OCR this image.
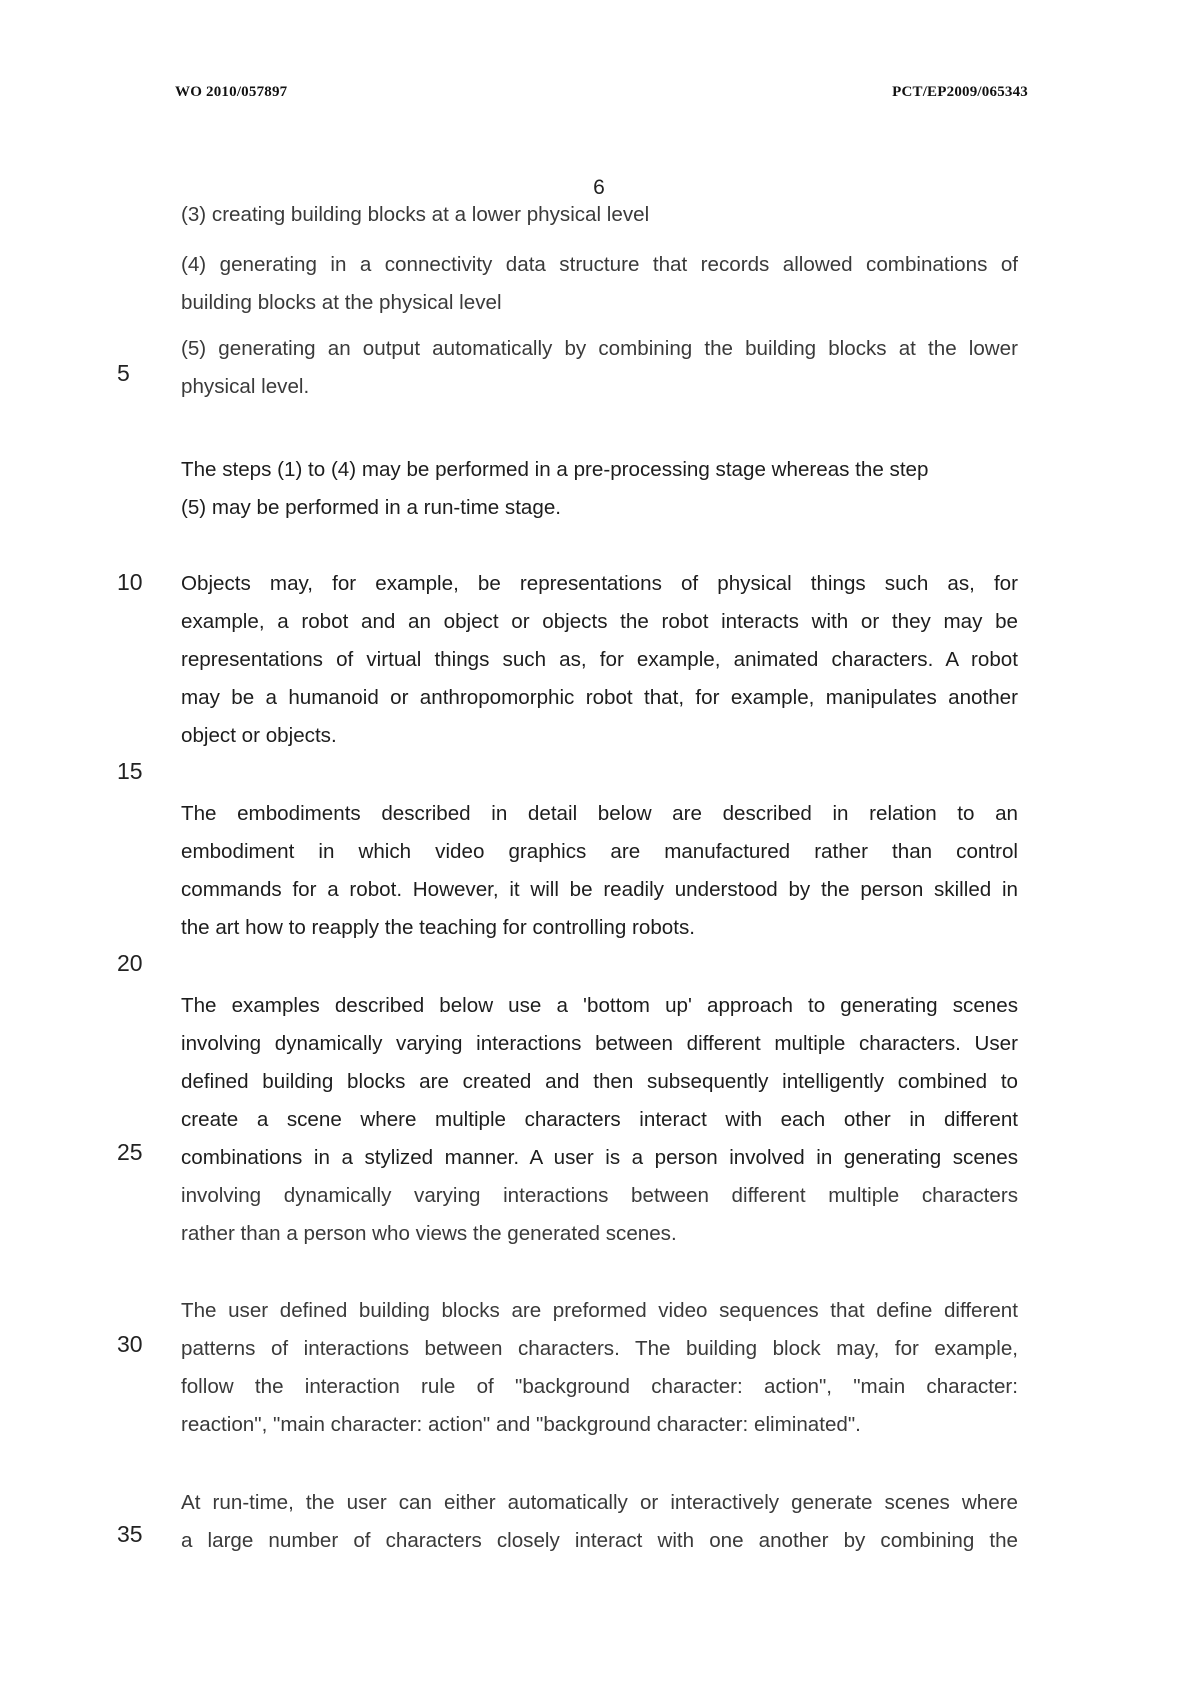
WO 2010/057897	PCT/EP2009/065343
6
5
10
15
20
25
30
35
(3) creating building blocks at a lower physical level
(4) generating in a connectivity data structure that records allowed combinations of
building blocks at the physical level
(5) generating an output automatically by combining the building blocks at the lower
physical level.
The steps (1) to (4) may be performed in a pre-processing stage whereas the step
(5) may be performed in a run-time stage.
Objects may, for example, be representations of physical things such as, for
example, a robot and an object or objects the robot interacts with or they may be
representations of virtual things such as, for example, animated characters. A robot
may be a humanoid or anthropomorphic robot that, for example, manipulates another
object or objects.
The embodiments described in detail below are described in relation to an
embodiment in which video graphics are manufactured rather than control
commands for a robot. However, it will be readily understood by the person skilled in
the art how to reapply the teaching for controlling robots.
The examples described below use a 'bottom up' approach to generating scenes
involving dynamically varying interactions between different multiple characters. User
defined building blocks are created and then subsequently intelligently combined to
create a scene where multiple characters interact with each other in different
combinations in a stylized manner. A user is a person involved in generating scenes
involving dynamically varying interactions between different multiple characters
rather than a person who views the generated scenes.
The user defined building blocks are preformed video sequences that define different
patterns of interactions between characters. The building block may, for example,
follow the interaction rule of "background character: action", "main character:
reaction", "main character: action" and "background character: eliminated".
At run-time, the user can either automatically or interactively generate scenes where
a large number of characters closely interact with one another by combining the
